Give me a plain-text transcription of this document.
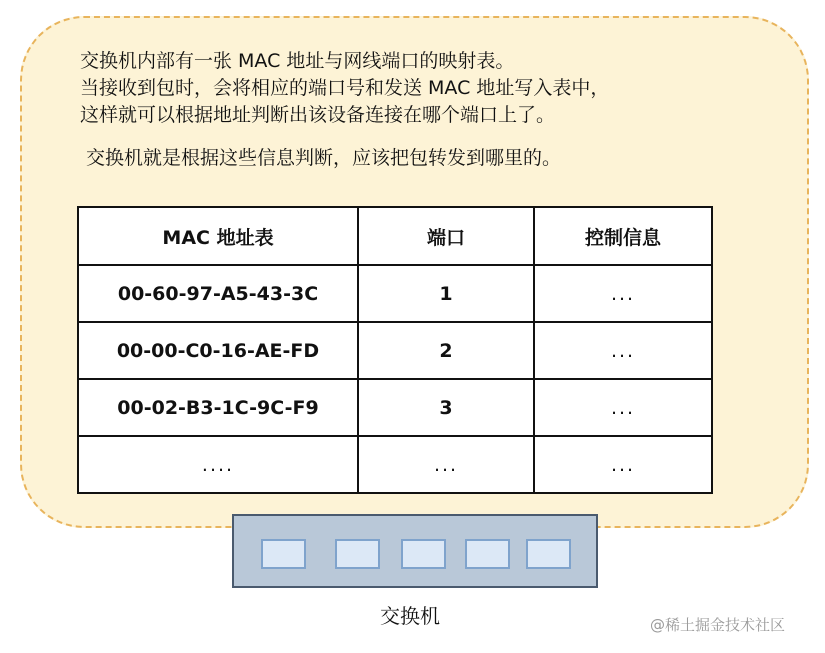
交换机内部有一张 MAC 地址与网线端口的映射表。
当接收到包时，会将相应的端口号和发送 MAC 地址写入表中，
这样就可以根据地址判断出该设备连接在哪个端口上了。
交换机就是根据这些信息判断，应该把包转发到哪里的。
MAC 地址表	端口	控制信息
00-60-97-A5-43-3C	1	...
00-00-C0-16-AE-FD	2	...
00-02-B3-1C-9C-F9	3	...
....	...	...
交换机	@稀土掘金技术社区
